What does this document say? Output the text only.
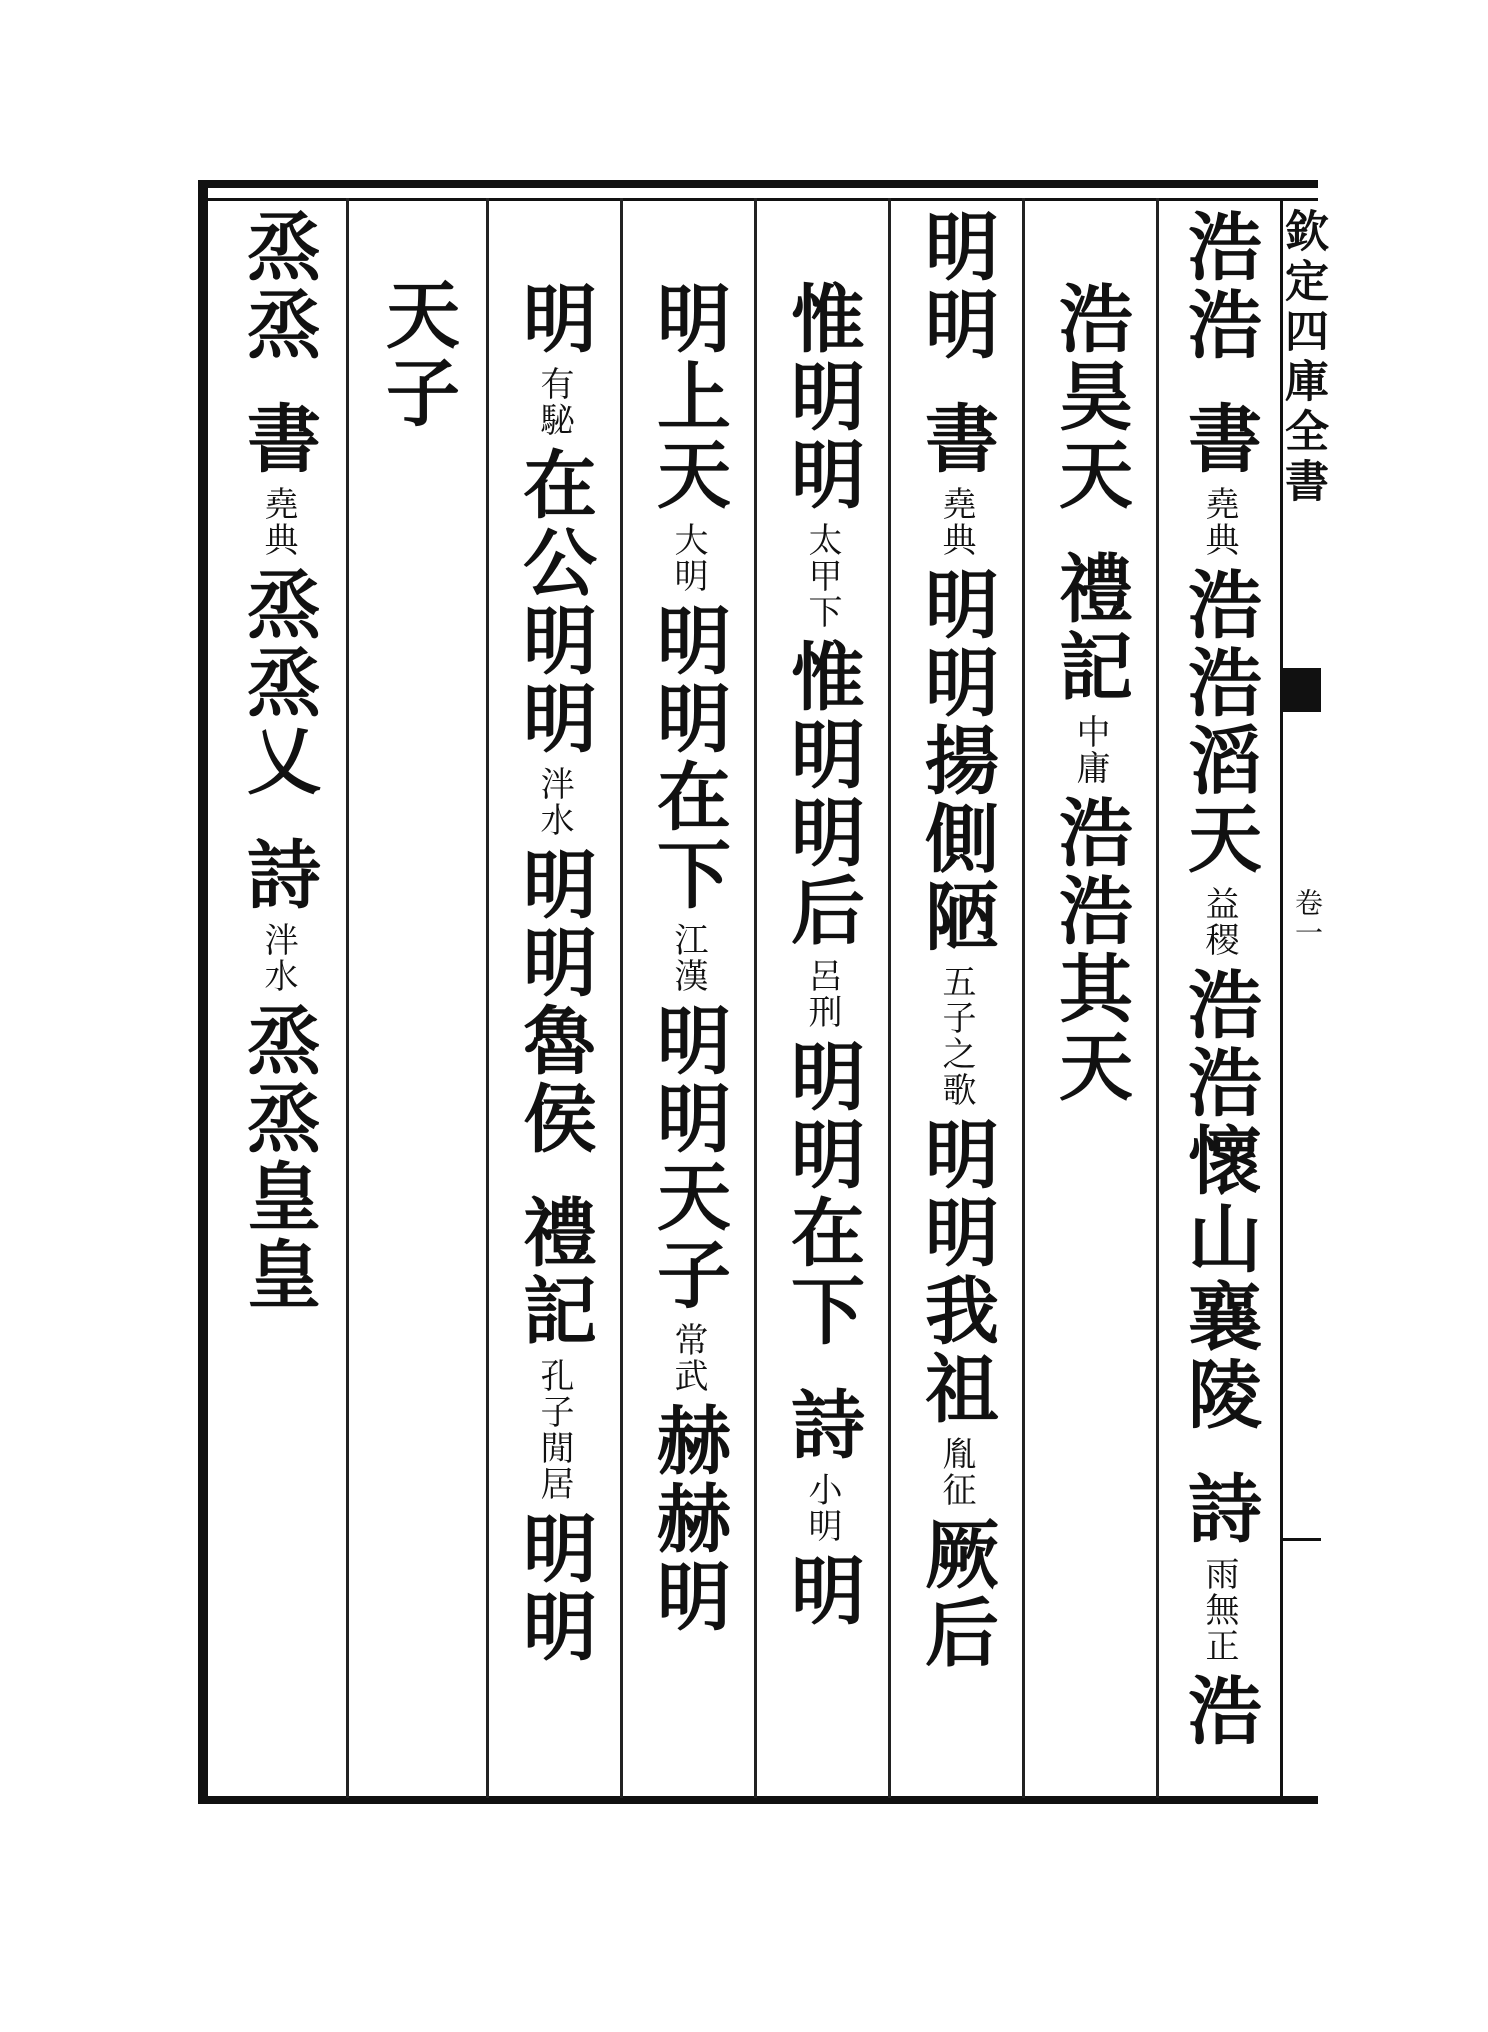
浩浩
書
堯典
浩浩滔天
益稷
浩浩懷山襄陵
詩
雨無正
浩
浩昊天
禮記
中庸
浩浩其天
明明
書
堯典
明明揚側陋
五子之歌
明明我祖
胤征
厥后
惟明明
太甲下
惟明明后
呂刑
明明在下
詩
小明
明
明上天
大明
明明在下
江漢
明明天子
常武
赫赫明
明
有駜
在公明明
泮水
明明魯侯
禮記
孔子閒居
明明
天子
烝烝
書
堯典
烝烝乂
詩
泮水
烝烝皇皇
欽定四庫全書
卷一
